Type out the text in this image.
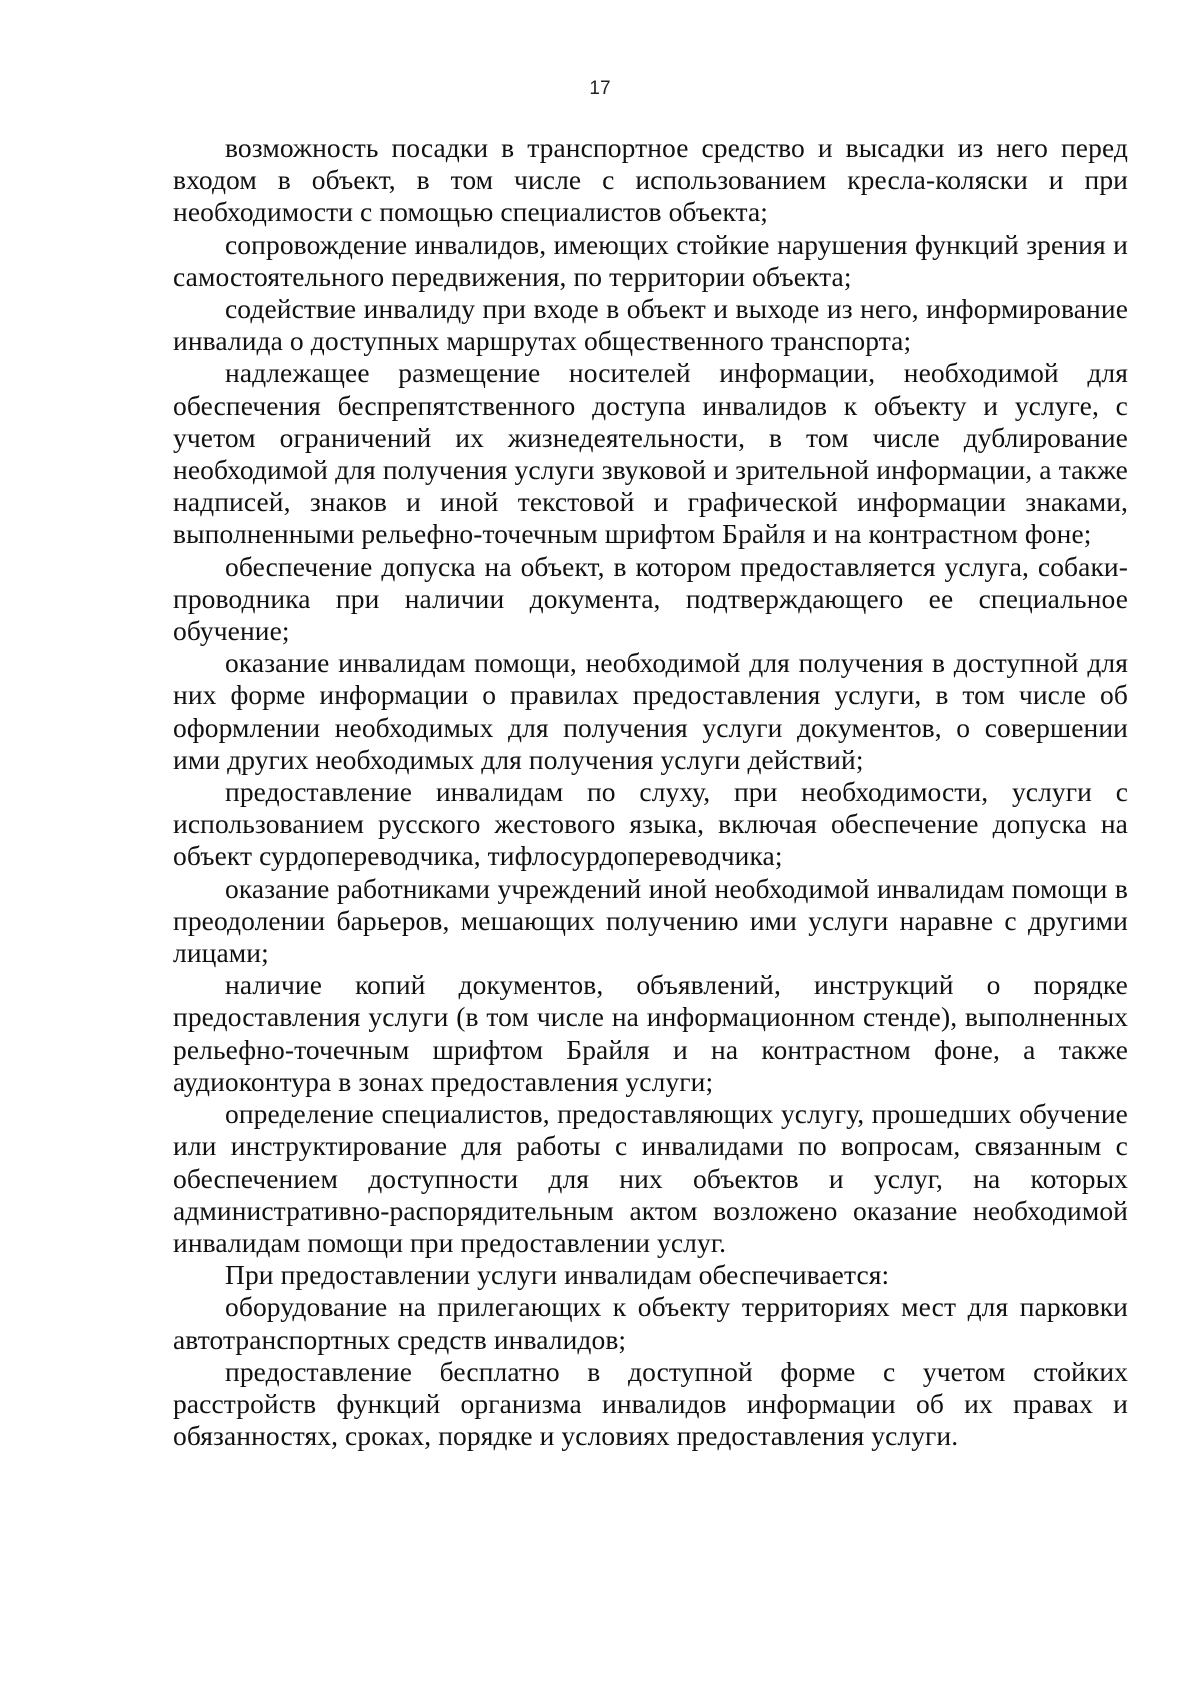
17

возможность посадки в транспортное средство и высадки из него перед входом в объект, в том числе с использованием кресла-коляски и при необходимости с помощью специалистов объекта;

сопровождение инвалидов, имеющих стойкие нарушения функций зрения и самостоятельного передвижения, по территории объекта;

содействие инвалиду при входе в объект и выходе из него, информирование инвалида о доступных маршрутах общественного транспорта;

надлежащее размещение носителей информации, необходимой для обеспечения беспрепятственного доступа инвалидов к объекту и услуге, с учетом ограничений их жизнедеятельности, в том числе дублирование необходимой для получения услуги звуковой и зрительной информации, а также надписей, знаков и иной текстовой и графической информации знаками, выполненными рельефно-точечным шрифтом Брайля и на контрастном фоне;

обеспечение допуска на объект, в котором предоставляется услуга, собаки-проводника при наличии документа, подтверждающего ее специальное обучение;

оказание инвалидам помощи, необходимой для получения в доступной для них форме информации о правилах предоставления услуги, в том числе об оформлении необходимых для получения услуги документов, о совершении ими других необходимых для получения услуги действий;

предоставление инвалидам по слуху, при необходимости, услуги с использованием русского жестового языка, включая обеспечение допуска на объект сурдопереводчика, тифлосурдопереводчика;

оказание работниками учреждений иной необходимой инвалидам помощи в преодолении барьеров, мешающих получению ими услуги наравне с другими лицами;

наличие копий документов, объявлений, инструкций о порядке предоставления услуги (в том числе на информационном стенде), выполненных рельефно-точечным шрифтом Брайля и на контрастном фоне, а также аудиоконтура в зонах предоставления услуги;

определение специалистов, предоставляющих услугу, прошедших обучение или инструктирование для работы с инвалидами по вопросам, связанным с обеспечением доступности для них объектов и услуг, на которых административно-распорядительным актом возложено оказание необходимой инвалидам помощи при предоставлении услуг.

При предоставлении услуги инвалидам обеспечивается:

оборудование на прилегающих к объекту территориях мест для парковки автотранспортных средств инвалидов;

предоставление бесплатно в доступной форме с учетом стойких расстройств функций организма инвалидов информации об их правах и обязанностях, сроках, порядке и условиях предоставления услуги.
